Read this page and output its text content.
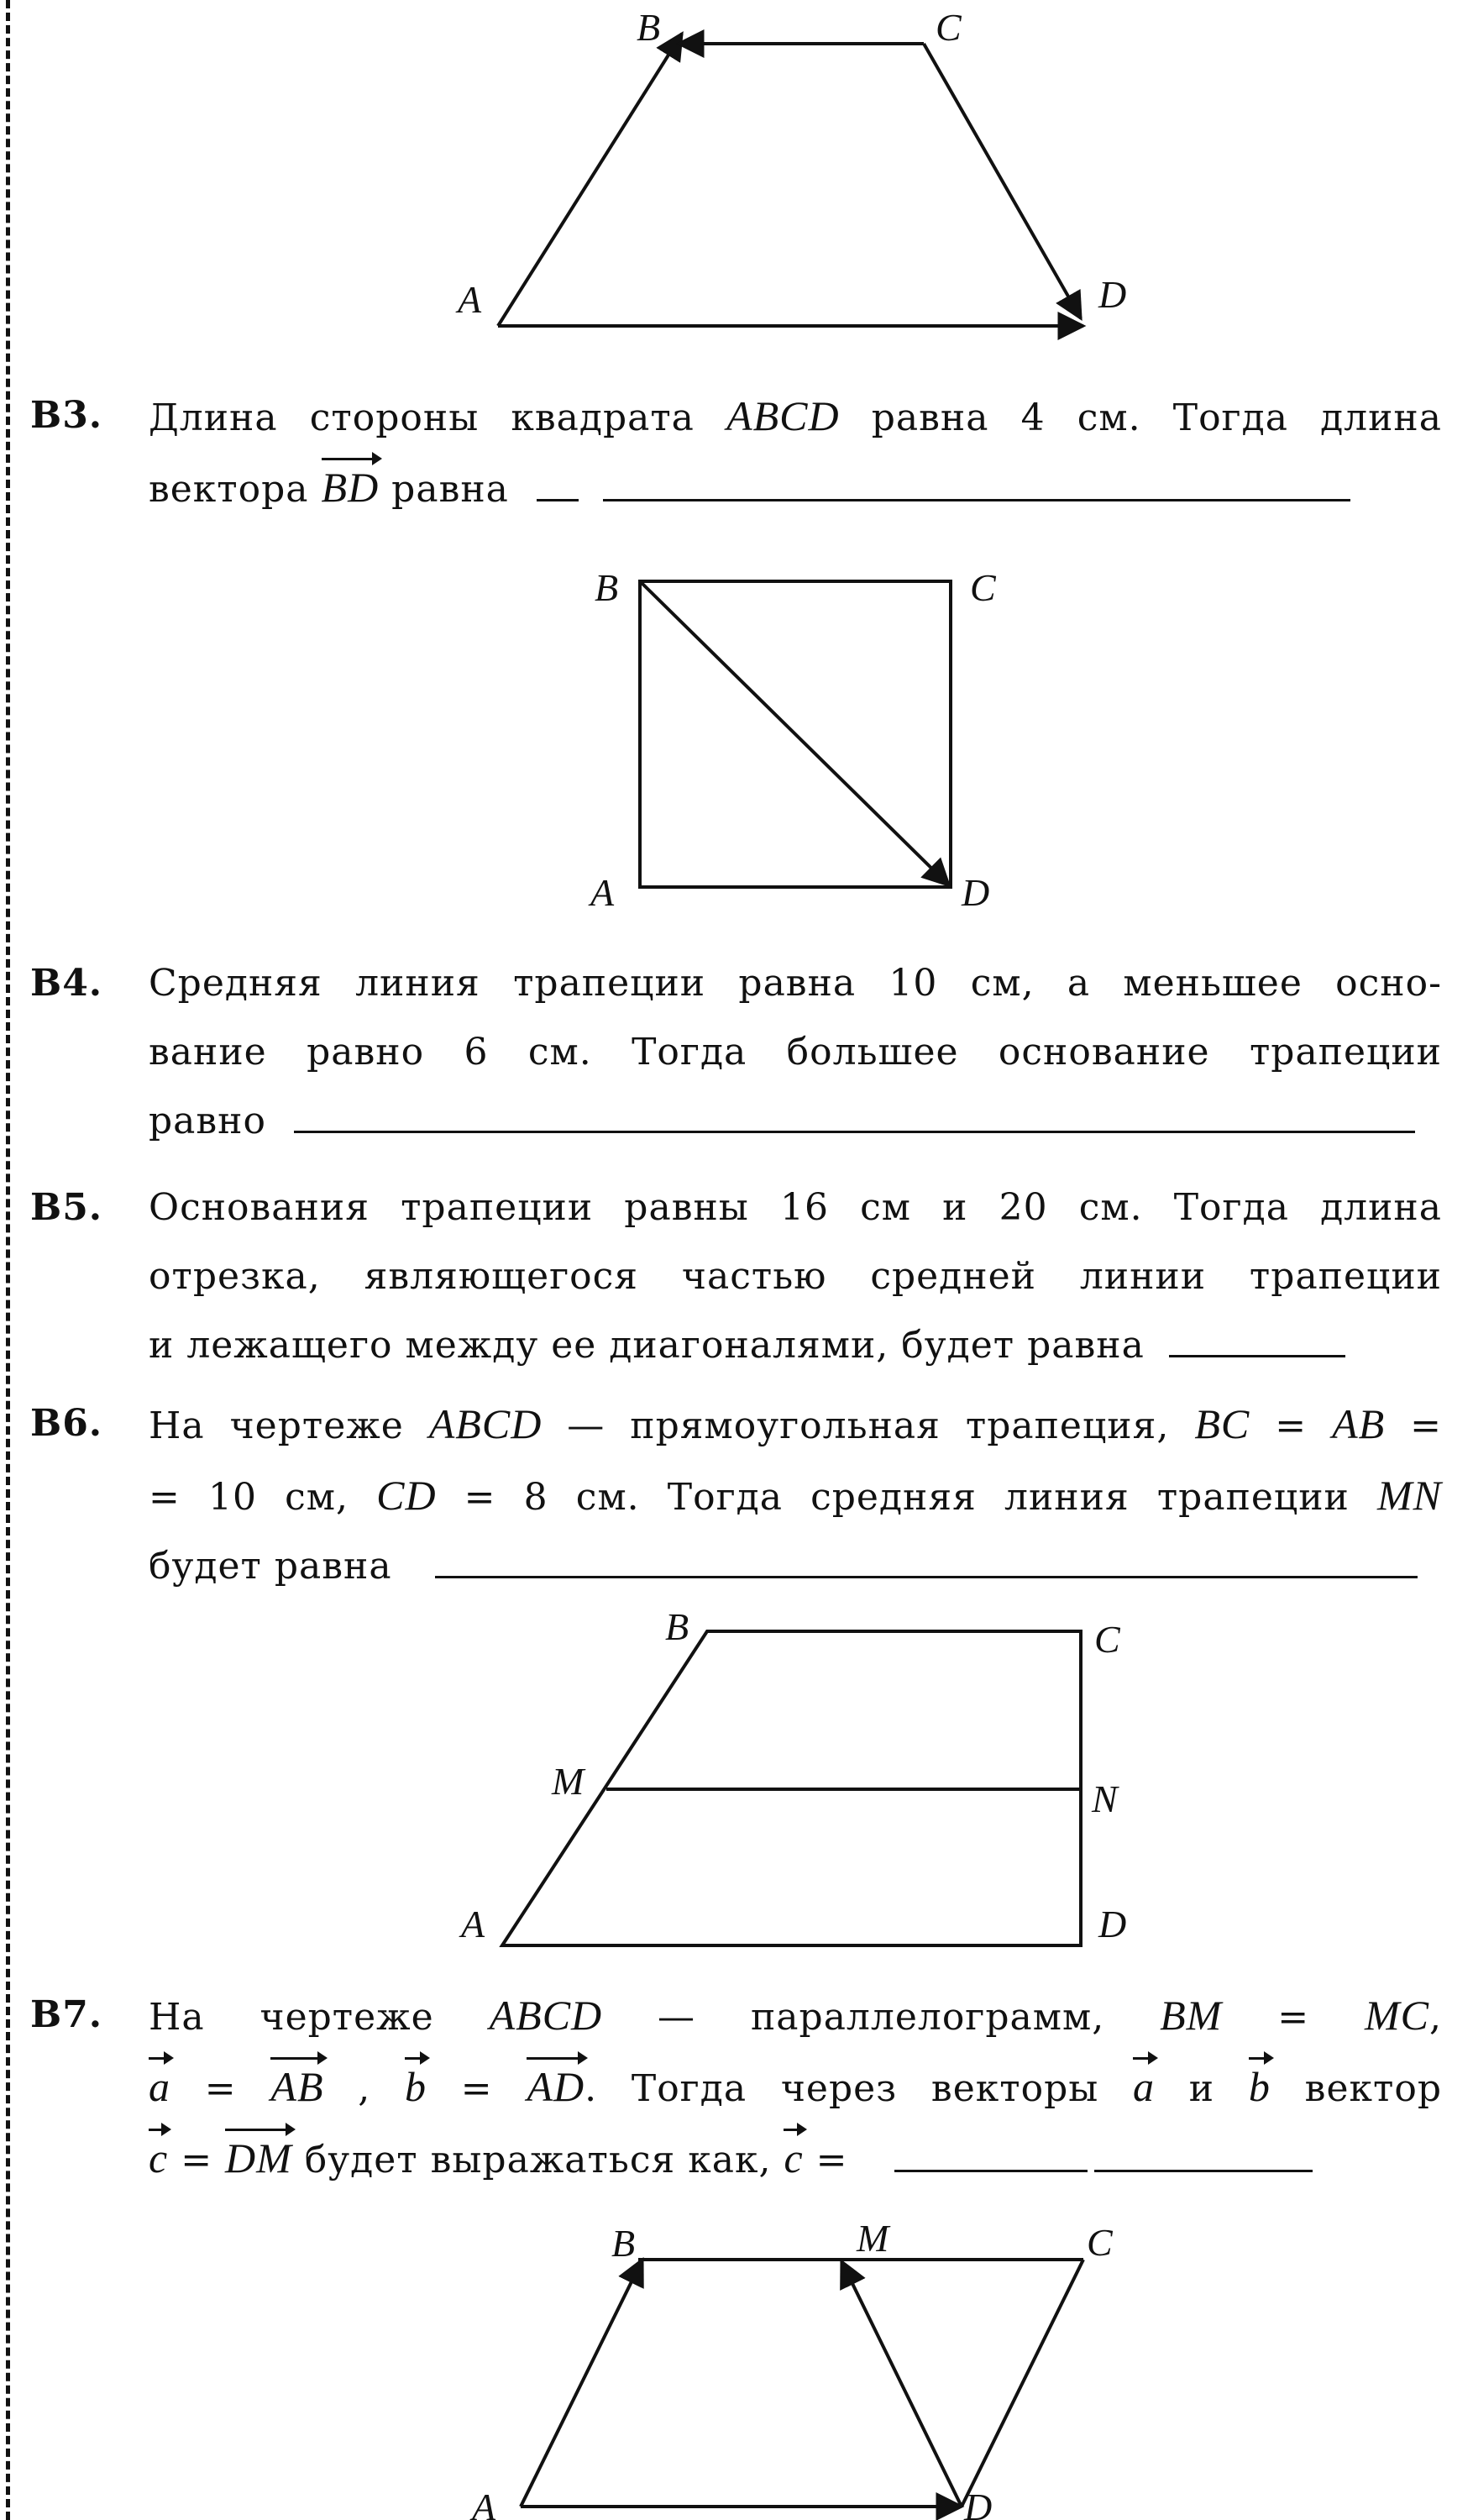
A
B	C
D
B	C
A	D
B	C
M	N
A	D
B	M	C
A	D
B3. Длина стороны квадрата ABCD равна 4 см. Тогда длина
вектора BD равна
B4. Средняя линия трапеции равна 10 см, а меньшее осно-
вание равно 6 см. Тогда большее основание трапеции
равно
B5. Основания трапеции равны 16 см и 20 см. Тогда длина
отрезка, являющегося частью средней линии трапеции
и лежащего между ее диагоналями, будет равна
B6. На чертеже ABCD — прямоугольная трапеция, BC = AB =
= 10 см, CD = 8 см. Тогда средняя линия трапеции MN
будет равна
B7. На чертеже ABCD — параллелограмм, BM = MC,
a = AB , b = AD. Тогда через векторы a и b вектор
c = DM будет выражаться как, c =
